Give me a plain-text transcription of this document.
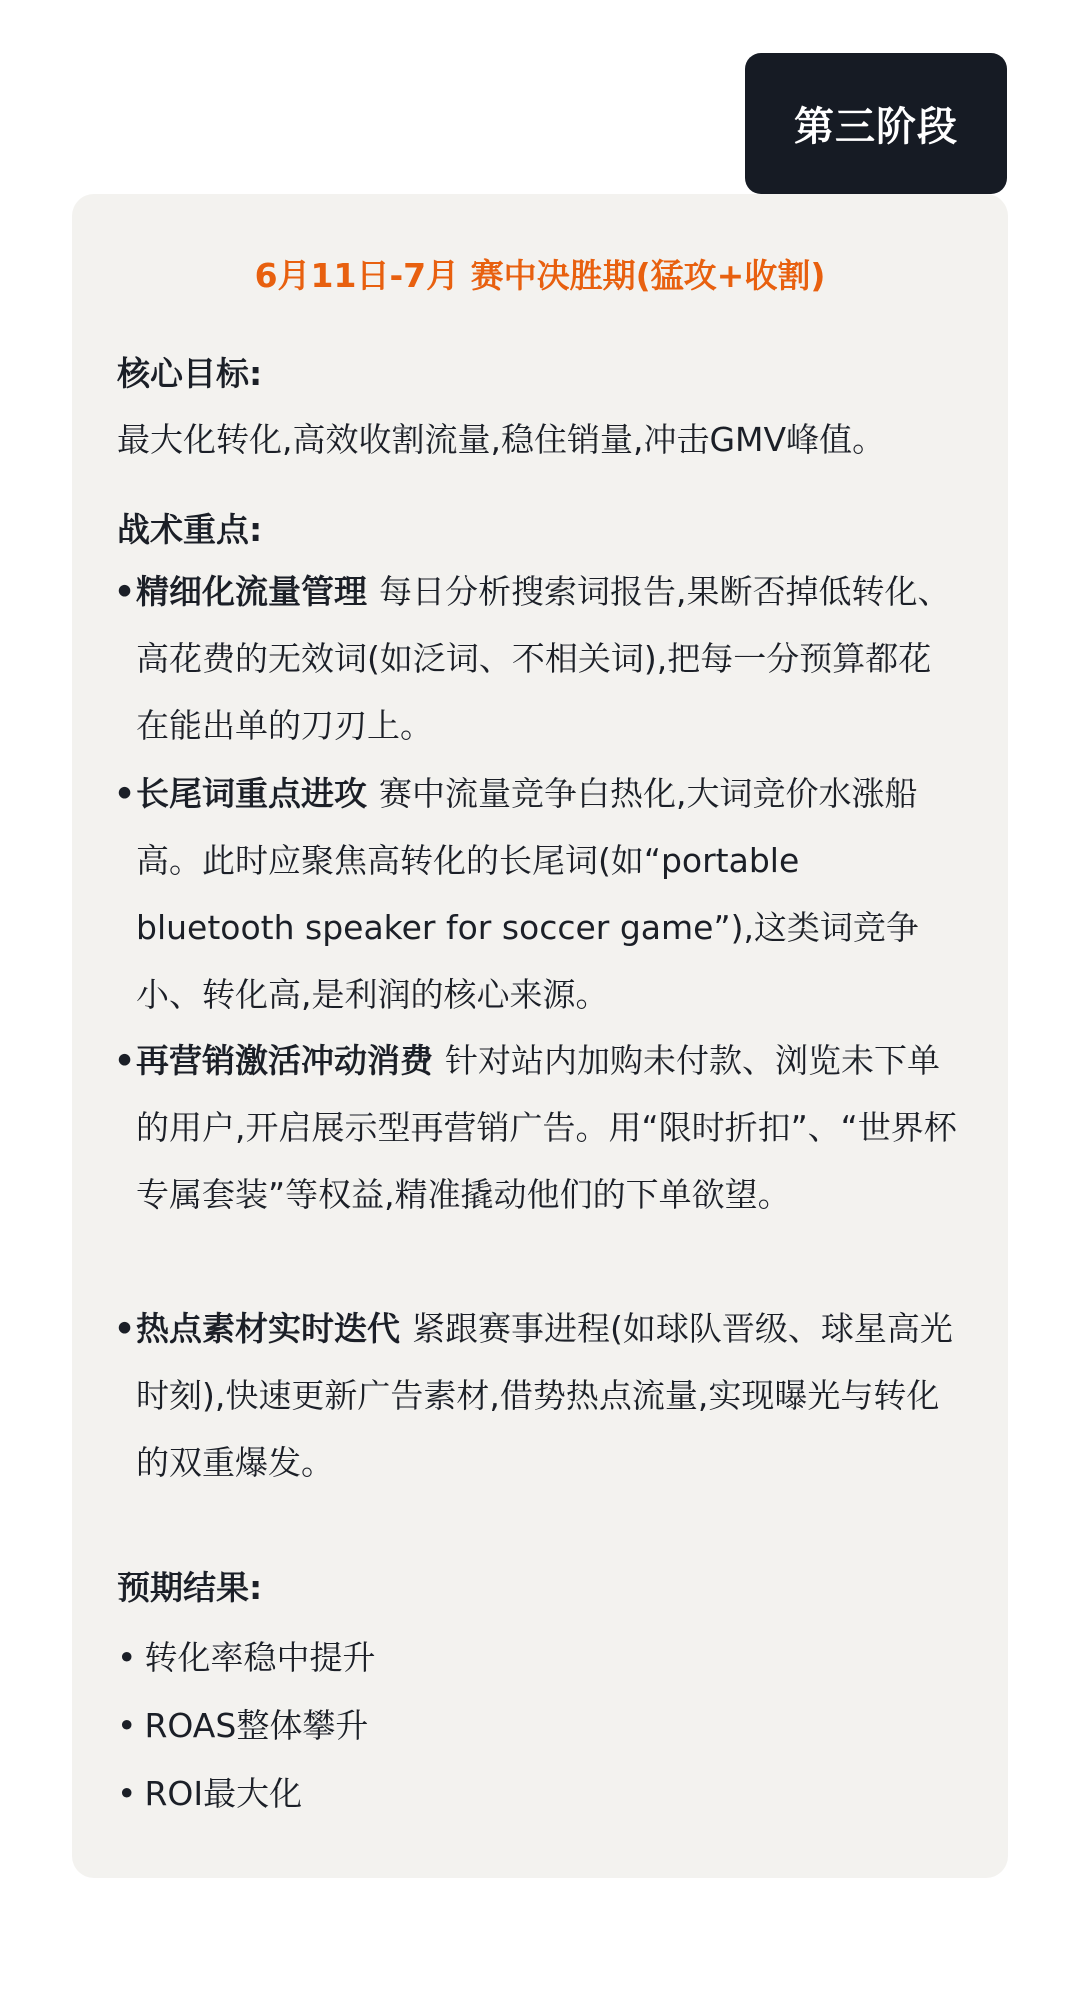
第三阶段
6月11日-7月 赛中决胜期(猛攻+收割)
核心目标:
最大化转化,高效收割流量,稳住销量,冲击GMV峰值。
战术重点:
• 精细化流量管理 每日分析搜索词报告,果断否掉低转化、高花费的无效词(如泛词、不相关词),把每一分预算都花在能出单的刀刃上。
• 长尾词重点进攻 赛中流量竞争白热化,大词竞价水涨船高。此时应聚焦高转化的长尾词(如“portable bluetooth speaker for soccer game”),这类词竞争小、转化高,是利润的核心来源。
• 再营销激活冲动消费 针对站内加购未付款、浏览未下单的用户,开启展示型再营销广告。用“限时折扣”、“世界杯专属套装”等权益,精准撬动他们的下单欲望。
• 热点素材实时迭代 紧跟赛事进程(如球队晋级、球星高光时刻),快速更新广告素材,借势热点流量,实现曝光与转化的双重爆发。
预期结果:
• 转化率稳中提升
• ROAS整体攀升
• ROI最大化
